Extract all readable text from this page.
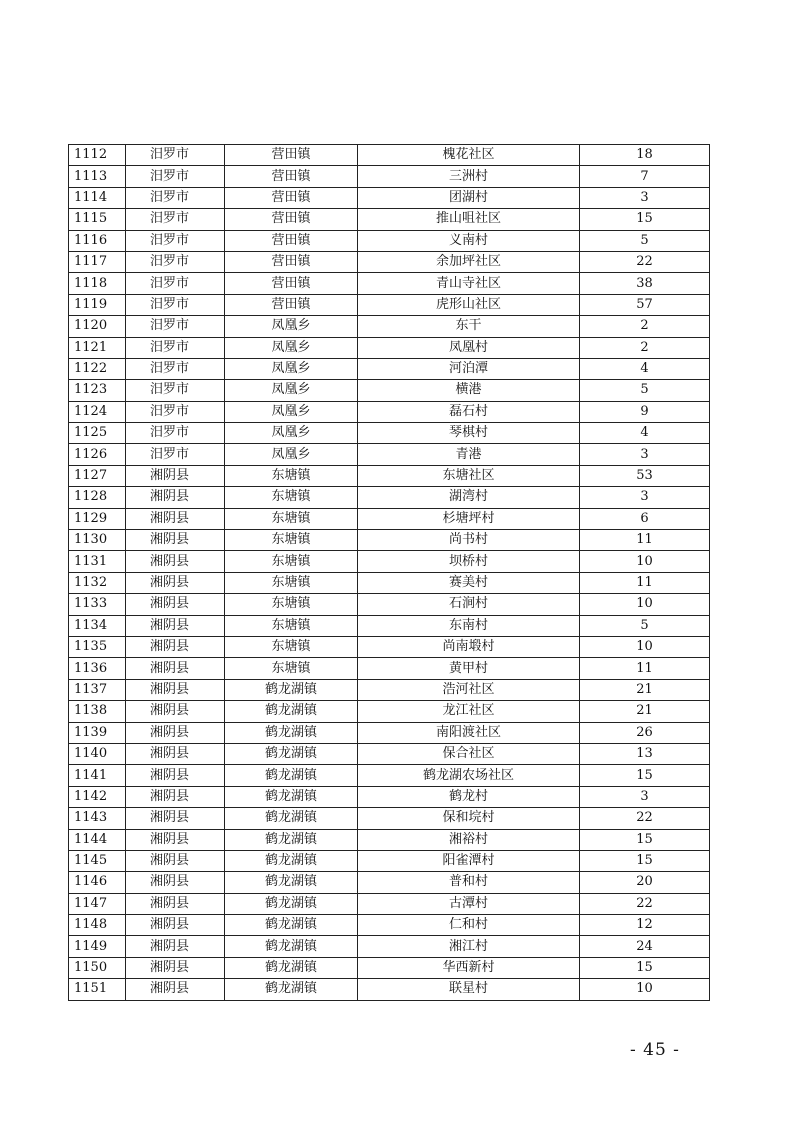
1112	汨罗市	营田镇	槐花社区	18
1113	汨罗市	营田镇	三洲村	7
1114	汨罗市	营田镇	团湖村	3
1115	汨罗市	营田镇	推山咀社区	15
1116	汨罗市	营田镇	义南村	5
1117	汨罗市	营田镇	余加坪社区	22
1118	汨罗市	营田镇	青山寺社区	38
1119	汨罗市	营田镇	虎形山社区	57
1120	汨罗市	凤凰乡	东干	2
1121	汨罗市	凤凰乡	凤凰村	2
1122	汨罗市	凤凰乡	河泊潭	4
1123	汨罗市	凤凰乡	横港	5
1124	汨罗市	凤凰乡	磊石村	9
1125	汨罗市	凤凰乡	琴棋村	4
1126	汨罗市	凤凰乡	青港	3
1127	湘阴县	东塘镇	东塘社区	53
1128	湘阴县	东塘镇	湖湾村	3
1129	湘阴县	东塘镇	杉塘坪村	6
1130	湘阴县	东塘镇	尚书村	11
1131	湘阴县	东塘镇	坝桥村	10
1132	湘阴县	东塘镇	赛美村	11
1133	湘阴县	东塘镇	石涧村	10
1134	湘阴县	东塘镇	东南村	5
1135	湘阴县	东塘镇	尚南塅村	10
1136	湘阴县	东塘镇	黄甲村	11
1137	湘阴县	鹤龙湖镇	浩河社区	21
1138	湘阴县	鹤龙湖镇	龙江社区	21
1139	湘阴县	鹤龙湖镇	南阳渡社区	26
1140	湘阴县	鹤龙湖镇	保合社区	13
1141	湘阴县	鹤龙湖镇	鹤龙湖农场社区	15
1142	湘阴县	鹤龙湖镇	鹤龙村	3
1143	湘阴县	鹤龙湖镇	保和垸村	22
1144	湘阴县	鹤龙湖镇	湘裕村	15
1145	湘阴县	鹤龙湖镇	阳雀潭村	15
1146	湘阴县	鹤龙湖镇	普和村	20
1147	湘阴县	鹤龙湖镇	古潭村	22
1148	湘阴县	鹤龙湖镇	仁和村	12
1149	湘阴县	鹤龙湖镇	湘江村	24
1150	湘阴县	鹤龙湖镇	华西新村	15
1151	湘阴县	鹤龙湖镇	联星村	10
- 45 -
